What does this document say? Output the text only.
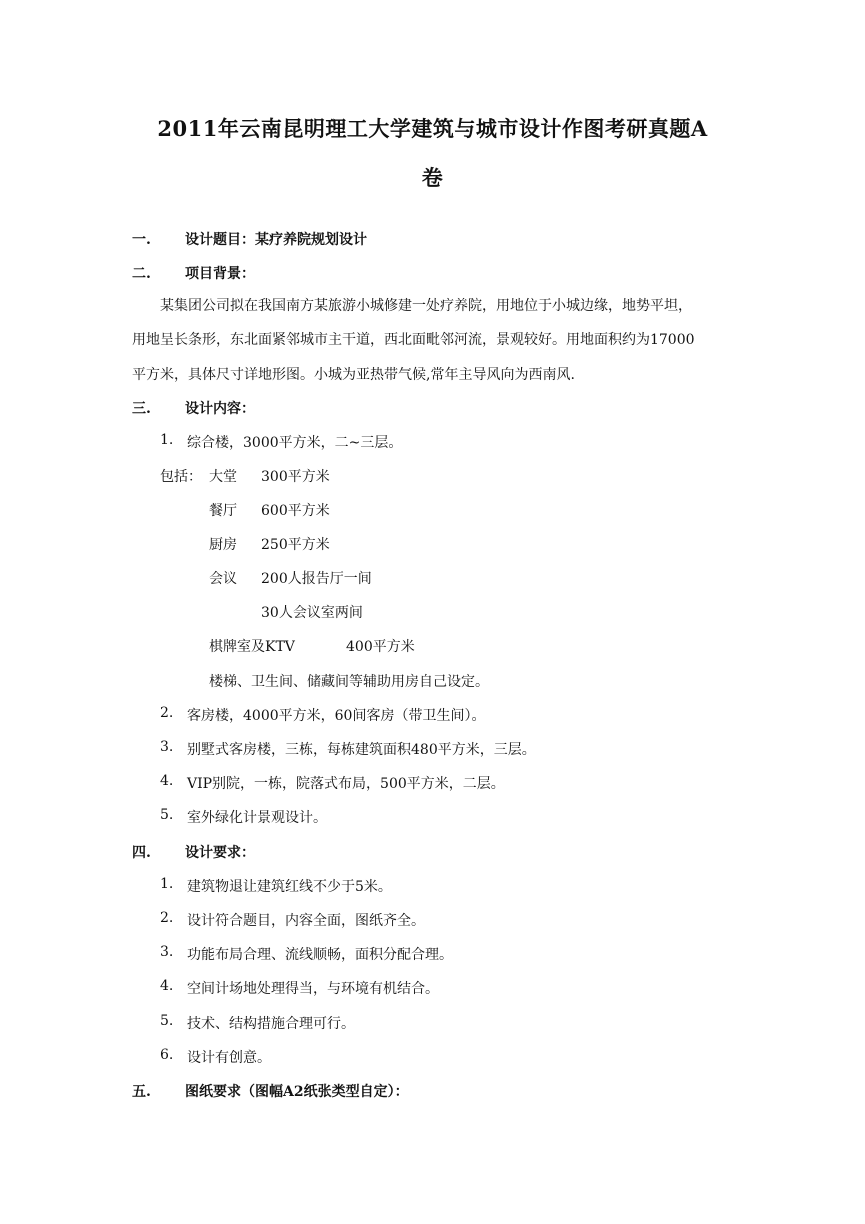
2011年云南昆明理工大学建筑与城市设计作图考研真题A
卷
一. 设计题目：某疗养院规划设计
二. 项目背景：
某集团公司拟在我国南方某旅游小城修建一处疗养院，用地位于小城边缘，地势平坦，
用地呈长条形，东北面紧邻城市主干道，西北面毗邻河流，景观较好。用地面积约为17000
平方米，具体尺寸详地形图。小城为亚热带气候,常年主导风向为西南风.
三. 设计内容：
1. 综合楼，3000平方米，二~三层。
包括： 大堂 300平方米
餐厅 600平方米
厨房 250平方米
会议 200人报告厅一间
30人会议室两间
棋牌室及KTV	400平方米
楼梯、卫生间、储藏间等辅助用房自己设定。
2. 客房楼，4000平方米，60间客房（带卫生间）。
3. 别墅式客房楼，三栋，每栋建筑面积480平方米，三层。
4. VIP别院，一栋，院落式布局，500平方米，二层。
5. 室外绿化计景观设计。
四. 设计要求：
1. 建筑物退让建筑红线不少于5米。
2. 设计符合题目，内容全面，图纸齐全。
3. 功能布局合理、流线顺畅，面积分配合理。
4. 空间计场地处理得当，与环境有机结合。
5. 技术、结构措施合理可行。
6. 设计有创意。
五. 图纸要求（图幅A2纸张类型自定）：
